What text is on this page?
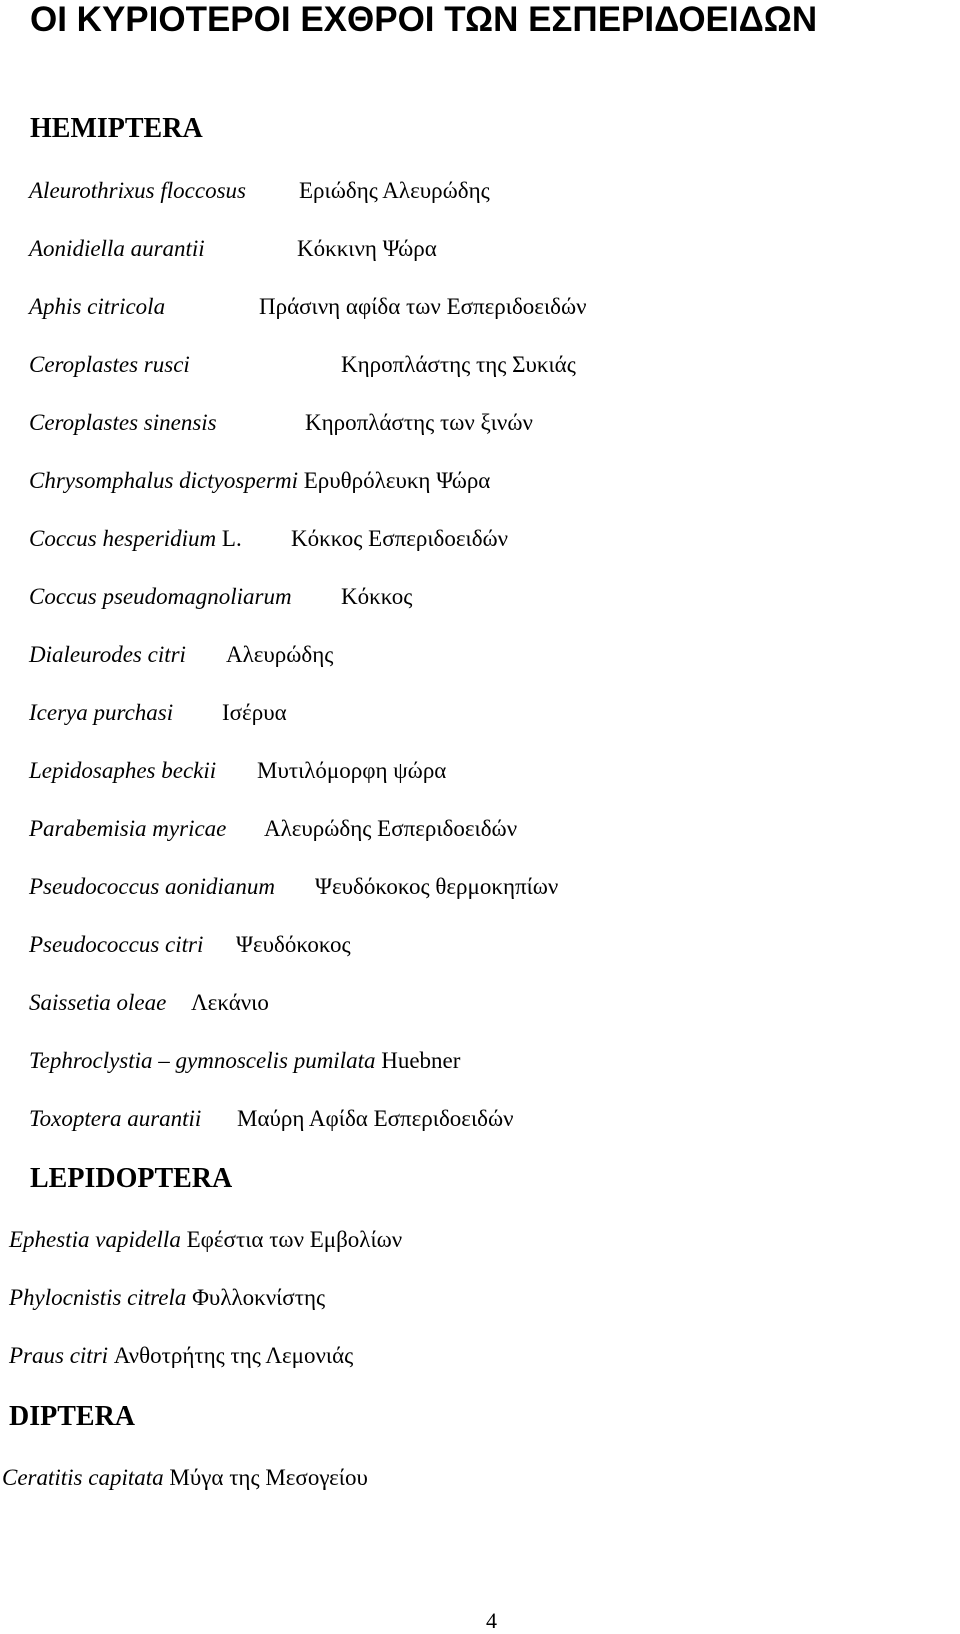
ΟΙ ΚΥΡΙΟΤΕΡΟΙ ΕΧΘΡΟΙ ΤΩΝ ΕΣΠΕΡΙΔΟΕΙΔΩΝ
HEMIPTERA
Aleurothrixus floccosus Εριώδης Αλευρώδης
Aonidiella aurantii	Κόκκινη Ψώρα
Aphis citricola	Πράσινη αφίδα των Εσπεριδοειδών
Ceroplastes rusci	Κηροπλάστης της Συκιάς
Ceroplastes sinensis	Κηροπλάστης των ξινών
Chrysomphalus dictyospermi Ερυθρόλευκη Ψώρα
Coccus hesperidium L. Κόκκος Εσπεριδοειδών
Coccus pseudomagnoliarum Κόκκος
Dialeurodes citri Αλευρώδης
Icerya purchasi Ισέρυα
Lepidosaphes beckii Μυτιλόμορφη ψώρα
Parabemisia myricae Αλευρώδης Εσπεριδοειδών
Pseudococcus aonidianum Ψευδόκοκος θερμοκηπίων
Pseudococcus citri Ψευδόκοκος
Saissetia oleae Λεκάνιο
Tephroclystia – gymnoscelis pumilata Huebner
Toxoptera aurantii Μαύρη Αφίδα Εσπεριδοειδών
LEPIDOPTERA
Ephestia vapidella Εφέστια των Εμβολίων
Phylocnistis citrela Φυλλοκνίστης
Praus citri Ανθοτρήτης της Λεμονιάς
DIPTERA
Ceratitis capitata Μύγα της Μεσογείου
4
